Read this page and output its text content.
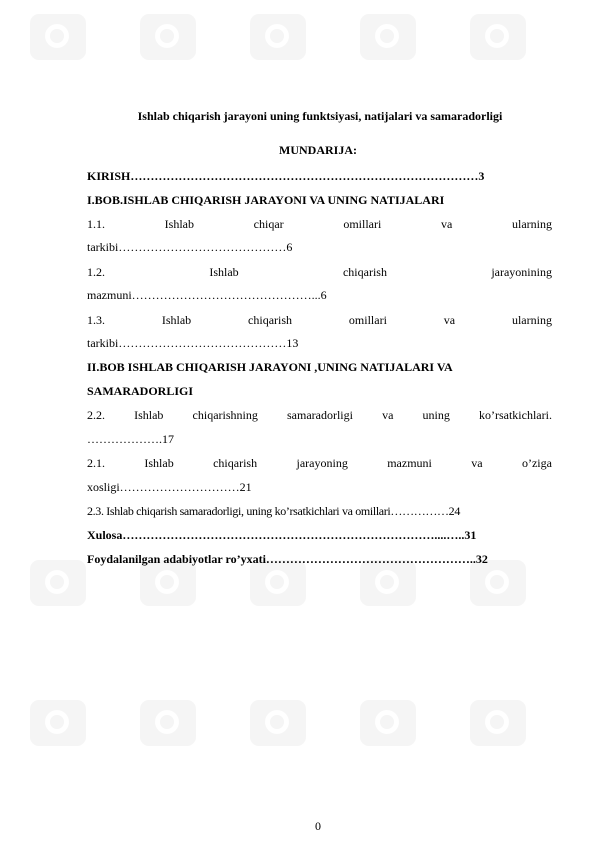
Ishlab chiqarish jarayoni uning funktsiyasi, natijalari va samaradorligi
MUNDARIJA:
KIRISH……………………………………………………………………………3
I.BOB.ISHLAB CHIQARISH JARAYONI VA UNING NATIJALARI
1.1.	Ishlab	chiqar	omillari	va	ularning
tarkibi……………………………………6
1.2.	Ishlab	chiqarish	jarayonining
mazmuni………………………………………...6
1.3.	Ishlab	chiqarish	omillari	va	ularning
tarkibi……………………………………13
II.BOB ISHLAB CHIQARISH JARAYONI ,UNING NATIJALARI VA
SAMARADORLIGI
2.2. Ishlab chiqarishning samaradorligi va uning ko’rsatkichlari.
……………….17
2.1.	Ishlab	chiqarish	jarayoning	mazmuni	va	o’ziga
xosligi…………………………21
2.3. Ishlab chiqarish samaradorligi, uning ko’rsatkichlari va omillari……………24
Xulosa……………………………………………………………………....…..31
Foydalanilgan adabiyotlar ro’yxati……………………………………………..32
0
